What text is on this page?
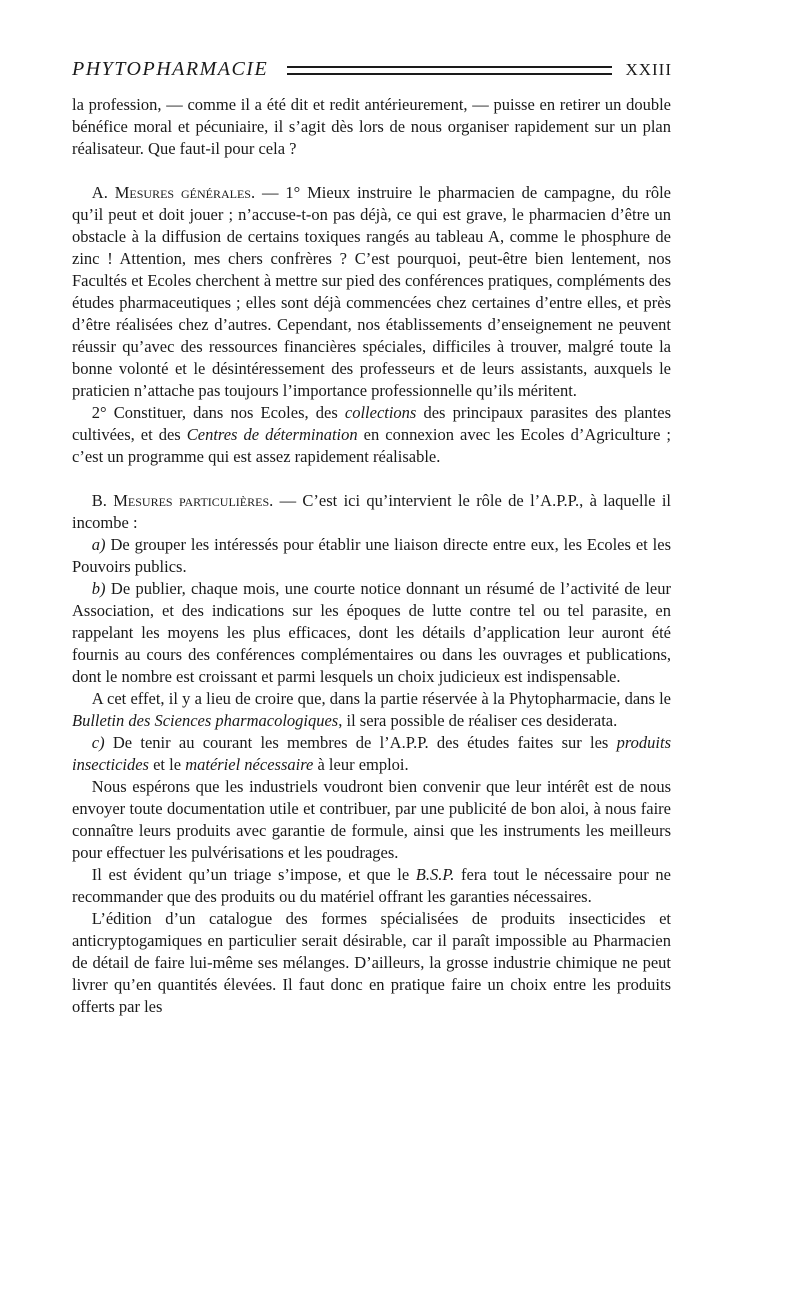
PHYTOPHARMACIE	XXIII

la profession, — comme il a été dit et redit antérieurement, — puisse en retirer un double bénéfice moral et pécuniaire, il s’agit dès lors de nous organiser rapidement sur un plan réalisateur. Que faut-il pour cela ?

A. Mesures générales. — 1° Mieux instruire le pharmacien de campagne, du rôle qu’il peut et doit jouer ; n’accuse-t-on pas déjà, ce qui est grave, le pharmacien d’être un obstacle à la diffusion de certains toxiques rangés au tableau A, comme le phosphure de zinc ! Attention, mes chers confrères ? C’est pourquoi, peut-être bien lentement, nos Facultés et Ecoles cherchent à mettre sur pied des conférences pratiques, compléments des études pharmaceutiques ; elles sont déjà commencées chez certaines d’entre elles, et près d’être réalisées chez d’autres. Cependant, nos établissements d’enseignement ne peuvent réussir qu’avec des ressources financières spéciales, difficiles à trouver, malgré toute la bonne volonté et le désintéressement des professeurs et de leurs assistants, auxquels le praticien n’attache pas toujours l’importance professionnelle qu’ils méritent.

2° Constituer, dans nos Ecoles, des collections des principaux parasites des plantes cultivées, et des Centres de détermination en connexion avec les Ecoles d’Agriculture ; c’est un programme qui est assez rapidement réalisable.

B. Mesures particulières. — C’est ici qu’intervient le rôle de l’A.P.P., à laquelle il incombe :

a) De grouper les intéressés pour établir une liaison directe entre eux, les Ecoles et les Pouvoirs publics.

b) De publier, chaque mois, une courte notice donnant un résumé de l’activité de leur Association, et des indications sur les époques de lutte contre tel ou tel parasite, en rappelant les moyens les plus efficaces, dont les détails d’application leur auront été fournis au cours des conférences complémentaires ou dans les ouvrages et publications, dont le nombre est croissant et parmi lesquels un choix judicieux est indispensable.

A cet effet, il y a lieu de croire que, dans la partie réservée à la Phytopharmacie, dans le Bulletin des Sciences pharmacologiques, il sera possible de réaliser ces desiderata.

c) De tenir au courant les membres de l’A.P.P. des études faites sur les produits insecticides et le matériel nécessaire à leur emploi.

Nous espérons que les industriels voudront bien convenir que leur intérêt est de nous envoyer toute documentation utile et contribuer, par une publicité de bon aloi, à nous faire connaître leurs produits avec garantie de formule, ainsi que les instruments les meilleurs pour effectuer les pulvérisations et les poudrages.

Il est évident qu’un triage s’impose, et que le B.S.P. fera tout le nécessaire pour ne recommander que des produits ou du matériel offrant les garanties nécessaires.

L’édition d’un catalogue des formes spécialisées de produits insecticides et anticryptogamiques en particulier serait désirable, car il paraît impossible au Pharmacien de détail de faire lui-même ses mélanges. D’ailleurs, la grosse industrie chimique ne peut livrer qu’en quantités élevées. Il faut donc en pratique faire un choix entre les produits offerts par les
